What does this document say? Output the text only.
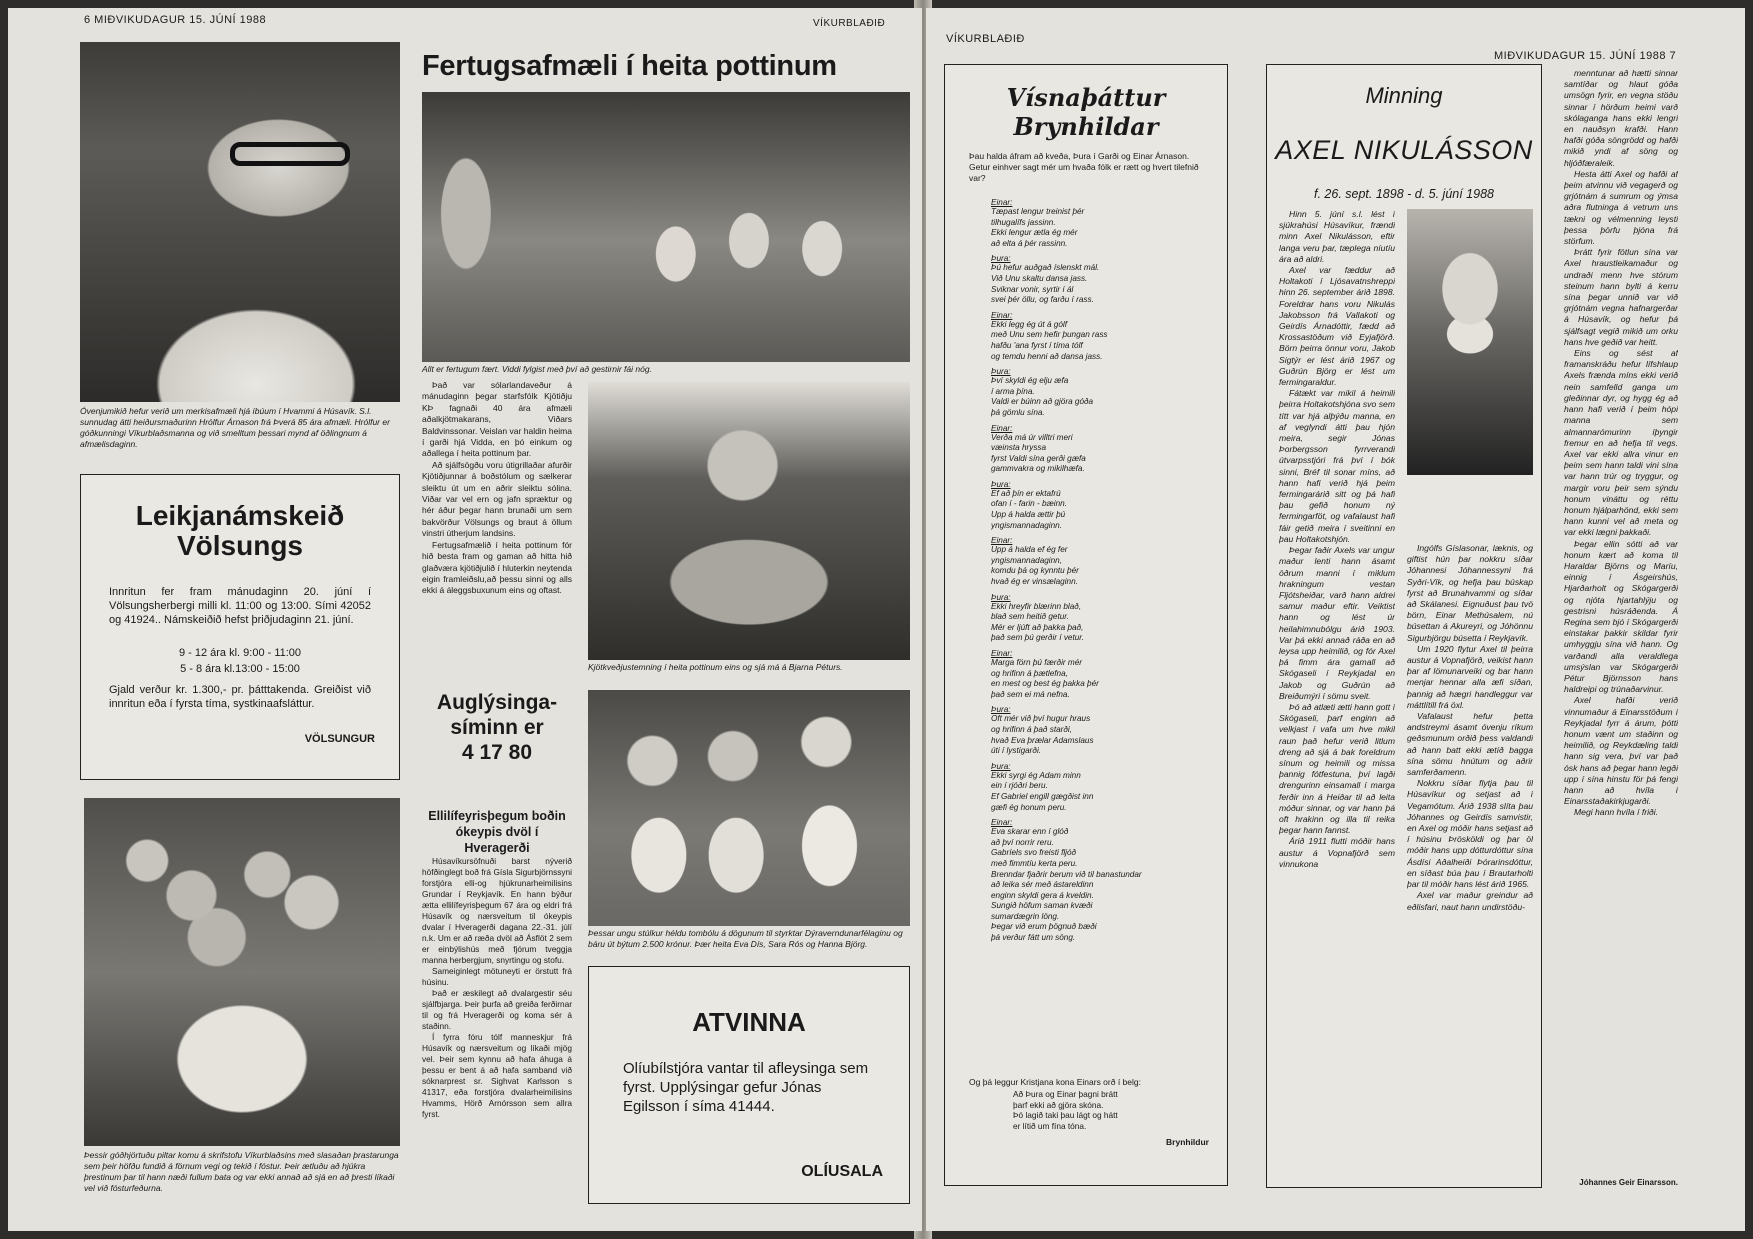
6 MIÐVIKUDAGUR 15. JÚNÍ 1988	VÍKURBLAÐIÐ
Óvenjumikið hefur verið um merkisafmæli hjá íbúum í Hvammi á Húsavík. S.l. sunnudag átti heiðursmaðurinn Hrólfur Árnason frá Þverá 85 ára afmæli. Hrólfur er góðkunningi Víkurblaðsmanna og við smelltum þessari mynd af öðlingnum á afmælisdaginn.
Leikjanámskeið Völsungs
Innritun fer fram mánudaginn 20. júní í Völsungsherbergi milli kl. 11:00 og 13:00. Sími 42052 og 41924.. Námskeiðið hefst þriðjudaginn 21. júní.
9 - 12 ára kl. 9:00 - 11:00
5 - 8 ára kl.13:00 - 15:00
Gjald verður kr. 1.300,- pr. þátttakenda. Greiðist við innritun eða í fyrsta tíma, systkinaafsláttur.
VÖLSUNGUR
Þessir góðhjörtuðu piltar komu á skrifstofu Víkurblaðsins með slasaðan þrastarunga sem þeir höfðu fundið á förnum vegi og tekið í fóstur. Þeir ætluðu að hjúkra þrestinum þar til hann næði fullum bata og var ekki annað að sjá en að þresti líkaði vel við fósturfeðurna.
Fertugsafmæli í heita pottinum
Allt er fertugum fært. Viddi fylgist með því að gestirnir fái nóg.

Það var sólarlandaveður á mánudaginn þegar starfsfólk Kjötiðju KÞ fagnaði 40 ára afmæli aðalkjötmakarans, Viðars Baldvinssonar. Veislan var haldin heima í garði hjá Vidda, en þó einkum og aðallega í heita pottinum þar.

Að sjálfsögðu voru útigrillaðar afurðir Kjötiðjunnar á boðstólum og sælkerar sleiktu út um en aðrir sleiktu sólina. Viðar var vel ern og jafn spræktur og hér áður þegar hann brunaði um sem bakvörður Völsungs og braut á öllum vinstri útherjum landsins.

Fertugsafmælið í heita pottinum fór hið besta fram og gaman að hitta hið glaðværa kjötiðjulið í hluterkin neytenda eigin framleiðslu,að þessu sinni og alls ekki á áleggsbuxunum eins og oftast.

Kjötkveðjustemning í heita pottinum eins og sjá má á Bjarna Péturs.
Auglýsinga-
síminn er
4 17 80
Ellilífeyrisþegum boðin ókeypis dvöl í Hveragerði

Húsavíkursöfnuði barst nýverið höfðinglegt boð frá Gísla Sigurbjörnssyni forstjóra elli-og hjúkrunarheimilisins Grundar í Reykjavík. En hann býður ætta ellilífeyrisþegum 67 ára og eldri frá Húsavík og nærsveitum til ókeypis dvalar í Hveragerði dagana 22.-31. júlí n.k. Um er að ræða dvöl að Ásflöt 2 sem er einbýlishús með fjórum tveggja manna herbergjum, snyrtingu og stofu.

Sameiginlegt mötuneyti er örstutt frá húsinu.

Það er æskilegt að dvalargestir séu sjálfbjarga. Þeir þurfa að greiða ferðirnar til og frá Hveragerði og koma sér á staðinn.

Í fyrra fóru tólf manneskjur frá Húsavík og nærsveitum og líkaði mjög vel. Þeir sem kynnu að hafa áhuga á þessu er bent á að hafa samband við sóknarprest sr. Sighvat Karlsson s 41317, eða forstjóra dvalarheimilisins Hvamms, Hörð Arnórsson sem allra fyrst.

Þessar ungu stúlkur héldu tombólu á dögunum til styrktar Dýraverndunarfélaginu og báru út býtum 2.500 krónur. Þær heita Eva Dís, Sara Rós og Hanna Björg.
ATVINNA
Olíubílstjóra vantar til afleysinga sem fyrst. Upplýsingar gefur Jónas Egilsson í síma 41444.
OLÍUSALA
VÍKURBLAÐIÐ
MIÐVIKUDAGUR 15. JÚNÍ 1988 7
Vísnaþáttur Brynhildar
Þau halda áfram að kveða, Þura í Garði og Einar Árnason. Getur einhver sagt mér um hvaða fólk er rætt og hvert tilefnið var?
Einar:

Tæpast lengur treinist þér

tilhugalífs jassinn.

Ekki lengur ætla ég mér

að elta á þér rassinn.

Þura:

Þú hefur auðgað íslenskt mál.

Við Unu skaltu dansa jass.

Sviknar vonir, syrtir í ál

svei þér öllu, og farðu í rass.

Einar:

Ekki legg ég út á gólf

með Unu sem hefir þungan rass

hafðu 'ana fyrst í tíma tólf

og temdu henni að dansa jass.

Þura:

Því skyldi ég elju æfa

í arma þína.

Valdi er búinn að gjöra góða

þá gömlu sína.

Einar:

Verða má úr villtri meri

væinsta hryssa

fyrst Valdi sína gerði gæfa

gammvakra og mikilhæfa.

Þura:

Ef að þín er ektafrú

ofan í - farin - bæinn.

Upp á halda ættir þú

yngismannadaginn.

Einar:

Upp á halda ef ég fer

yngismannadaginn,

komdu þá og kynntu þér

hvað ég er vinsælaginn.

Þura:

Ekki hreyfir blærinn blað,

blað sem heitið getur.

Mér er ljúft að þakka það,

það sem þú gerðir í vetur.

Einar:

Marga förn þú færðir mér

og hrifinn á þætlefna,

en mest og best ég þakka þér

það sem ei má nefna.

Þura:

Oft mér við því hugur hraus

og hrifinn á það starði,

hvað Eva þrælar Adamslaus

úti í lystigarði.

Þura:

Ekki syrgi ég Adam minn

ein í rjóðri beru.

Ef Gabriel engill gægðist inn

gæfi ég honum peru.

Einar:

Eva skarar enn í glóð

að því norrir reru.

Gabríels svo freisti fljóð

með fimmtíu kerta peru.

Brenndar fjaðrir berum við til banastundar

að leika sér með ástareldinn

enginn skyldi gera á kveldin.

Sungið höfum saman kvæði

sumardægrin löng.

Þegar við erum þögnuð bæði

þá verður fátt um söng.

Og þá leggur Kristjana kona Einars orð í belg:
Að Þura og Einar þagni brátt
þarf ekki að gjöra skóna.
Þó lagið taki þau lágt og hátt
er lítið um fína tóna.
Brynhildur
Minning
AXEL NIKULÁSSON
f. 26. sept. 1898 - d. 5. júní 1988

Hinn 5. júní s.l. lést í sjúkrahúsi Húsavíkur, frændi minn Axel Nikulásson, eftir langa veru þar, tæplega níutíu ára að aldri.

Axel var fæddur að Holtakoti í Ljósavatnshreppi hinn 26. september árið 1898. Foreldrar hans voru Nikulás Jakobsson frá Vallakoti og Geirdís Árnadóttir, fædd að Krossastöðum við Eyjafjörð. Börn þeirra önnur voru, Jakob Sigtýr er lést árið 1967 og Guðrún Björg er lést um fermingaraldur.

Fátækt var mikil á heimili þeirra Holtakotshjóna svo sem títt var hjá alþýðu manna, en af veglyndi átti þau hjón meira, segir Jónas Þorbergsson fyrrverandi útvarpsstjóri frá því í bók sinni, Bréf til sonar míns, að hann hafi verið hjá þeim fermingarárið sitt og þá hafi þau gefið honum ný fermingarföt, og vafalaust hafi fáir getið meira í sveitinni en þau Holtakotshjón.

Þegar faðir Axels var ungur maður lenti hann ásamt öðrum manni í miklum hrakningum vestan Fljótsheiðar, varð hann aldrei samur maður eftir. Veiktist hann og lést úr heilahimnubólgu árið 1903. Var þá ekki annað ráða en að leysa upp heimilið, og fór Axel þá fimm ára gamall að Skógaseli í Reykjadal en Jakob og Guðrún að Breiðumýri í sömu sveit.

Þó að atlæti ætti hann gott í Skógaseli, þarf enginn að velkjast í vafa um hve mikil raun það hefur verið litlum dreng að sjá á bak foreldrum sínum og heimili og missa þannig fótfestuna, því lagði drengurinn einsamall í marga ferðir inn á Heiðar til að leita móður sinnar, og var hann þá oft hrakinn og illa til reika þegar hann fannst.

Árið 1911 flutti móðir hans austur á Vopnafjörð sem vinnukona

Ingólfs Gíslasonar, læknis, og giftist hún þar nokkru síðar Jóhannesi Jóhannessyni frá Syðri-Vík, og hefja þau búskap fyrst að Brunahvammi og síðar að Skálanesi. Eignuðust þau tvö börn, Einar Methúsalem, nú búsettan á Akureyri, og Jóhönnu Sigurbjörgu búsetta í Reykjavík.

Um 1920 flytur Axel til þeirra austur á Vopnafjörð, veikist hann þar af lömunarveiki og bar hann menjar hennar alla æfi síðan, þannig að hægri handleggur var máttlítill frá öxl.

Vafalaust hefur þetta andstreymi ásamt óvenju ríkum geðsmunum orðið þess valdandi að hann batt ekki ætíð bagga sína sömu hnútum og aðrir samferðamenn.

Nokkru síðar flytja þau til Húsavíkur og setjast að í Vegamótum. Árið 1938 slíta þau Jóhannes og Geirdís samvistir, en Axel og móðir hans setjast að í húsinu Þrösköldi og þar öl móðir hans upp dótturdóttur sína Ásdísi Aðalheiði Þórarinsdóttur, en síðast búa þau í Brautarholti þar til móðir hans lést árið 1965.

Axel var maður greindur að eðlisfari, naut hann undirstöðu-

menntunar að hætti sinnar samtíðar og hlaut góða umsögn fyrir, en vegna stöðu sinnar í hörðum heimi varð skólaganga hans ekki lengri en nauðsyn krafði. Hann hafði góða söngrödd og hafði mikið yndi af söng og hljóðfæraleik.

Hesta átti Axel og hafði af þeim atvinnu við vegagerð og grjótnám á sumrum og ýmsa aðra flutninga á vetrum uns tækni og vélmenning leysti þessa þörfu þjóna frá störfum.

Þrátt fyrir fötlun sína var Axel hraustleikamaður og undraði menn hve stórum steinum hann bylti á kerru sína þegar unnið var við grjótnám vegna hafnargerðar á Húsavík, og hefur þá sjálfsagt vegið mikið um orku hans hve geðið var heitt.

Eins og sést af framanskráðu hefur lífshlaup Axels frænda míns ekki verið nein samfelld ganga um gleðinnar dyr, og hygg ég að hann hafi verið í þeim hópi manna sem almannarómurinn íþyngir fremur en að hefja til vegs. Axel var ekki allra vinur en þeim sem hann taldi vini sína var hann trúr og tryggur, og margir voru þeir sem sýndu honum vináttu og réttu honum hjálparhönd, ekki sem hann kunni vel að meta og var ekki lægni þakkaði.

Þegar ellin sótti að var honum kært að koma til Haraldar Björns og Maríu, einnig í Ásgeirshús, Hjarðarholt og Skógargerði og njóta hjartahlýju og gestrisni húsráðenda. Á Regina sem bjó í Skógargerði einstakar þakkir skildar fyrir umhyggju sína við hann. Og varðandi alla veraldlega umsýslan var Skógargerði Pétur Björnsson hans haldreipi og trúnaðarvinur.

Axel hafði verið vinnumaður á Einarsstöðum í Reykjadal fyrr á árum, þótti honum vænt um staðinn og heimilið, og Reykdæling taldi hann sig vera, því var það ósk hans að þegar hann legði upp í sína hinstu för þá fengi hann að hvíla í Einarsstaðakirkjugarði.

Megi hann hvíla í friði.

Jóhannes Geir Einarsson.
